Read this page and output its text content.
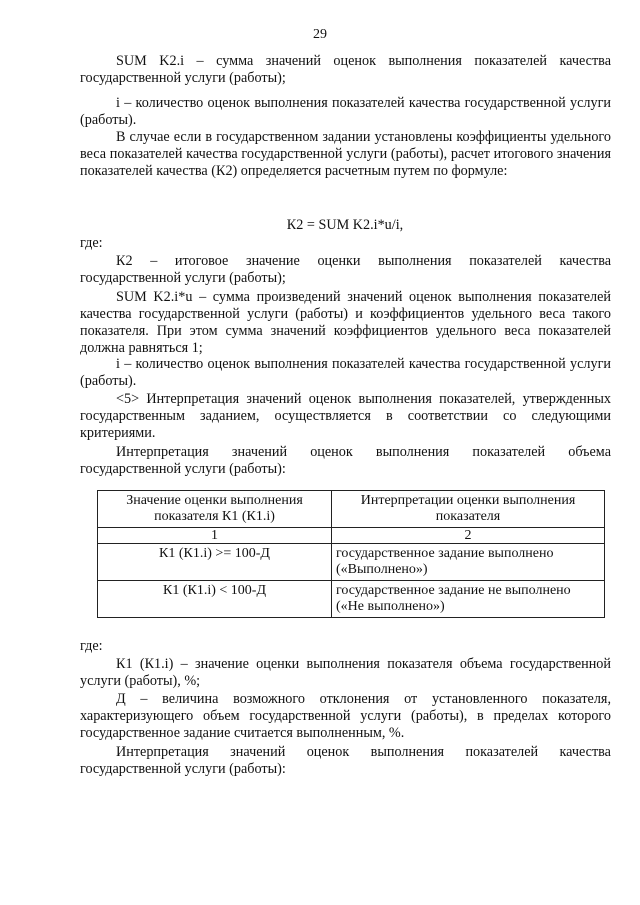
29

SUM K2.i – сумма значений оценок выполнения показателей качества государственной услуги (работы);

i – количество оценок выполнения показателей качества государственной услуги (работы).

В случае если в государственном задании установлены коэффициенты удельного веса показателей качества государственной услуги (работы), расчет итогового значения показателей качества (К2) определяется расчетным путем по формуле:

К2 = SUM K2.i*u/i,

где:

К2 – итоговое значение оценки выполнения показателей качества государственной услуги (работы);

SUM K2.i*u – сумма произведений значений оценок выполнения показателей качества государственной услуги (работы) и коэффициентов удельного веса такого показателя. При этом сумма значений коэффициентов удельного веса показателей должна равняться 1;

i – количество оценок выполнения показателей качества государственной услуги (работы).

<5> Интерпретация значений оценок выполнения показателей, утвержденных государственным заданием, осуществляется в соответствии со следующими критериями.

Интерпретация значений оценок выполнения показателей объема государственной услуги (работы):

Значение оценки выполнения показателя К1 (К1.i)	Интерпретации оценки выполнения показателя
1	2
К1 (К1.i) >= 100-Д	государственное задание выполнено («Выполнено»)
К1 (К1.i) < 100-Д	государственное задание не выполнено («Не выполнено»)

где:

К1 (К1.i) – значение оценки выполнения показателя объема государственной услуги (работы), %;

Д – величина возможного отклонения от установленного показателя, характеризующего объем государственной услуги (работы), в пределах которого государственное задание считается выполненным, %.

Интерпретация значений оценок выполнения показателей качества государственной услуги (работы):
